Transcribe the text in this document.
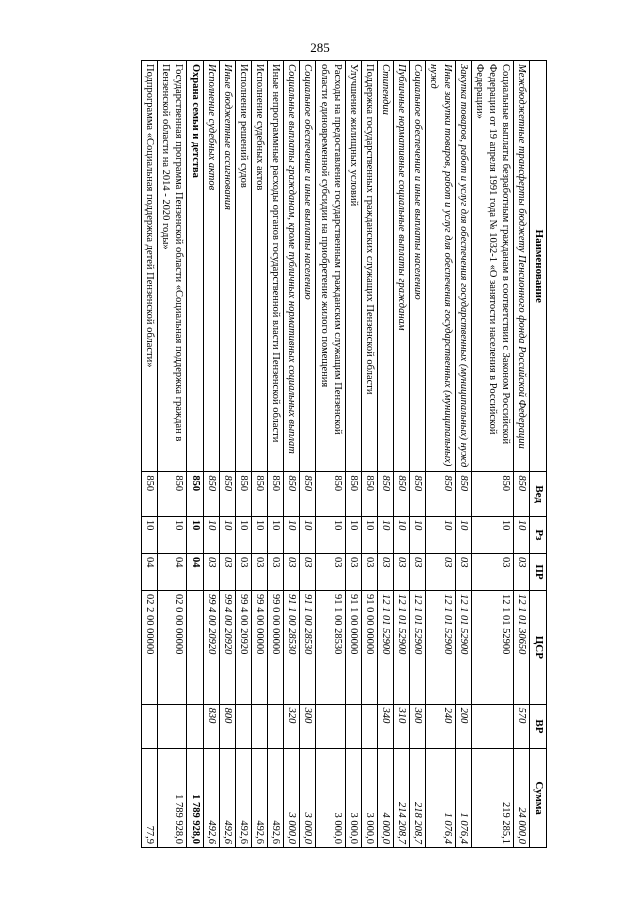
285
Наименование	Вед	Рз	ПР	ЦСР	ВР	Сумма
Межбюджетные трансферты бюджету Пенсионного фонда Российской Федерации	850	10	03	12 1 01 30650	570	24 000,0
Социальные выплаты безработным гражданам в соответствии с Законом Российской Федерации от 19 апреля 1991 года № 1032-1 «О занятости населения в Российской Федерации»	850	10	03	12 1 01 52900		219 285,1
Закупка товаров, работ и услуг для обеспечения государственных (муниципальных) нужд	850	10	03	12 1 01 52900	200	1 076,4
Иные закупки товаров, работ и услуг для обеспечения государственных (муниципальных) нужд	850	10	03	12 1 01 52900	240	1 076,4
Социальное обеспечение и иные выплаты населению	850	10	03	12 1 01 52900	300	218 208,7
Публичные нормативные социальные выплаты гражданам	850	10	03	12 1 01 52900	310	214 208,7
Стипендии	850	10	03	12 1 01 52900	340	4 000,0
Поддержка государственных гражданских служащих Пензенской области	850	10	03	91 0 00 00000		3 000,0
Улучшение жилищных условий	850	10	03	91 1 00 00000		3 000,0
Расходы на предоставление государственным гражданским служащим Пензенской области единовременной субсидии на приобретение жилого помещения	850	10	03	91 1 00 28530		3 000,0
Социальное обеспечение и иные выплаты населению	850	10	03	91 1 00 28530	300	3 000,0
Социальные выплаты гражданам, кроме публичных нормативных социальных выплат	850	10	03	91 1 00 28530	320	3 000,0
Иные непрограммные расходы органов государственной власти Пензенской области	850	10	03	99 0 00 00000		492,6
Исполнение судебных актов	850	10	03	99 4 00 00000		492,6
Исполнение решений судов	850	10	03	99 4 00 20920		492,6
Иные бюджетные ассигнования	850	10	03	99 4 00 20920	800	492,6
Исполнение судебных актов	850	10	03	99 4 00 20920	830	492,6
Охрана семьи и детства	850	10	04			1 789 928,0
Государственная программа Пензенской области «Социальная поддержка граждан в Пензенской области на 2014 - 2020 годы»	850	10	04	02 0 00 00000		1 789 928,0
Подпрограмма «Социальная поддержка детей Пензенской области»	850	10	04	02 2 00 00000		77,9
